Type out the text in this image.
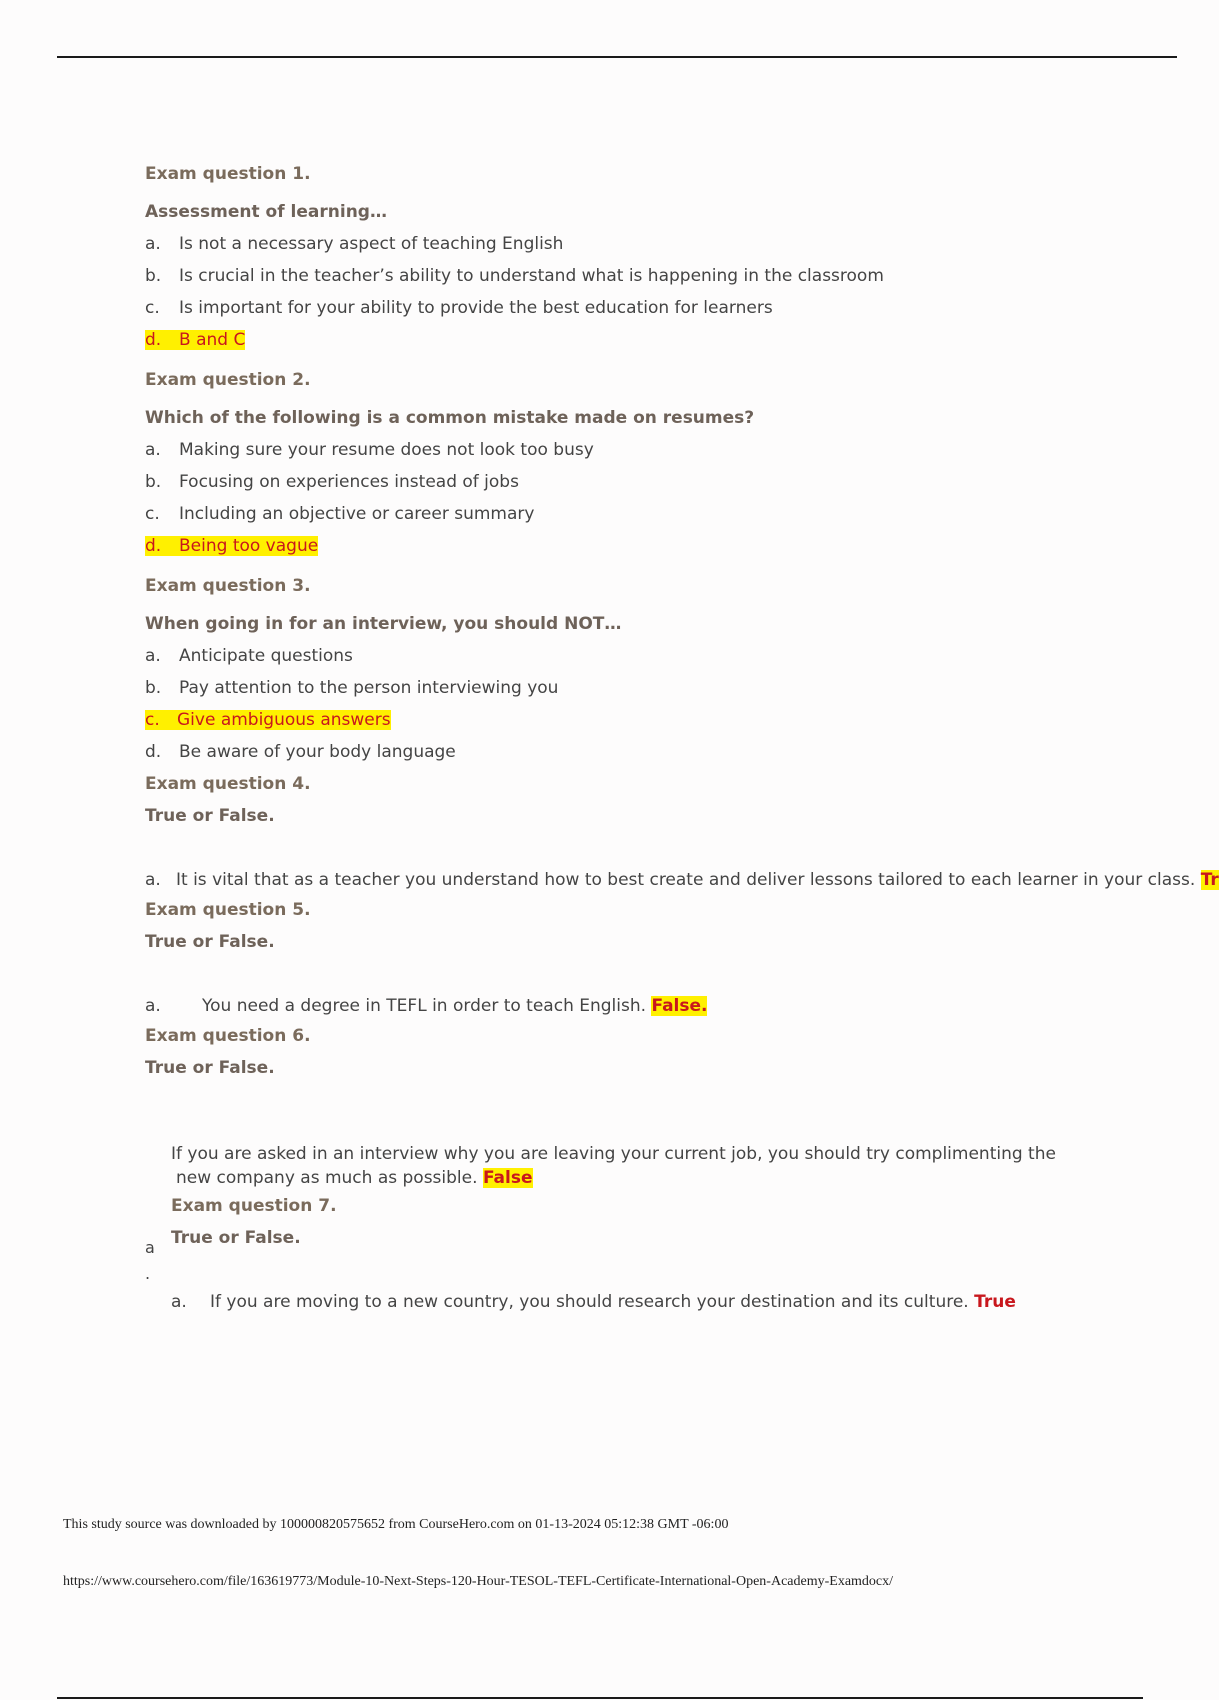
Exam question 1.
Assessment of learning…
a. Is not a necessary aspect of teaching English
b. Is crucial in the teacher’s ability to understand what is happening in the classroom
c. Is important for your ability to provide the best education for learners
d. B and C
Exam question 2.
Which of the following is a common mistake made on resumes?
a. Making sure your resume does not look too busy
b. Focusing on experiences instead of jobs
c. Including an objective or career summary
d. Being too vague
Exam question 3.
When going in for an interview, you should NOT…
a. Anticipate questions
b. Pay attention to the person interviewing you
c. Give ambiguous answers
d. Be aware of your body language
Exam question 4.
True or False.
a. It is vital that as a teacher you understand how to best create and deliver lessons tailored to each learner in your class. Tr
Exam question 5.
True or False.
a. You need a degree in TEFL in order to teach English. False.
Exam question 6.
True or False.
If you are asked in an interview why you are leaving your current job, you should try complimenting the
new company as much as possible. False
Exam question 7.
True or False.
a. If you are moving to a new country, you should research your destination and its culture. True
a
.
This study source was downloaded by 100000820575652 from CourseHero.com on 01-13-2024 05:12:38 GMT -06:00
https://www.coursehero.com/file/163619773/Module-10-Next-Steps-120-Hour-TESOL-TEFL-Certificate-International-Open-Academy-Examdocx/
